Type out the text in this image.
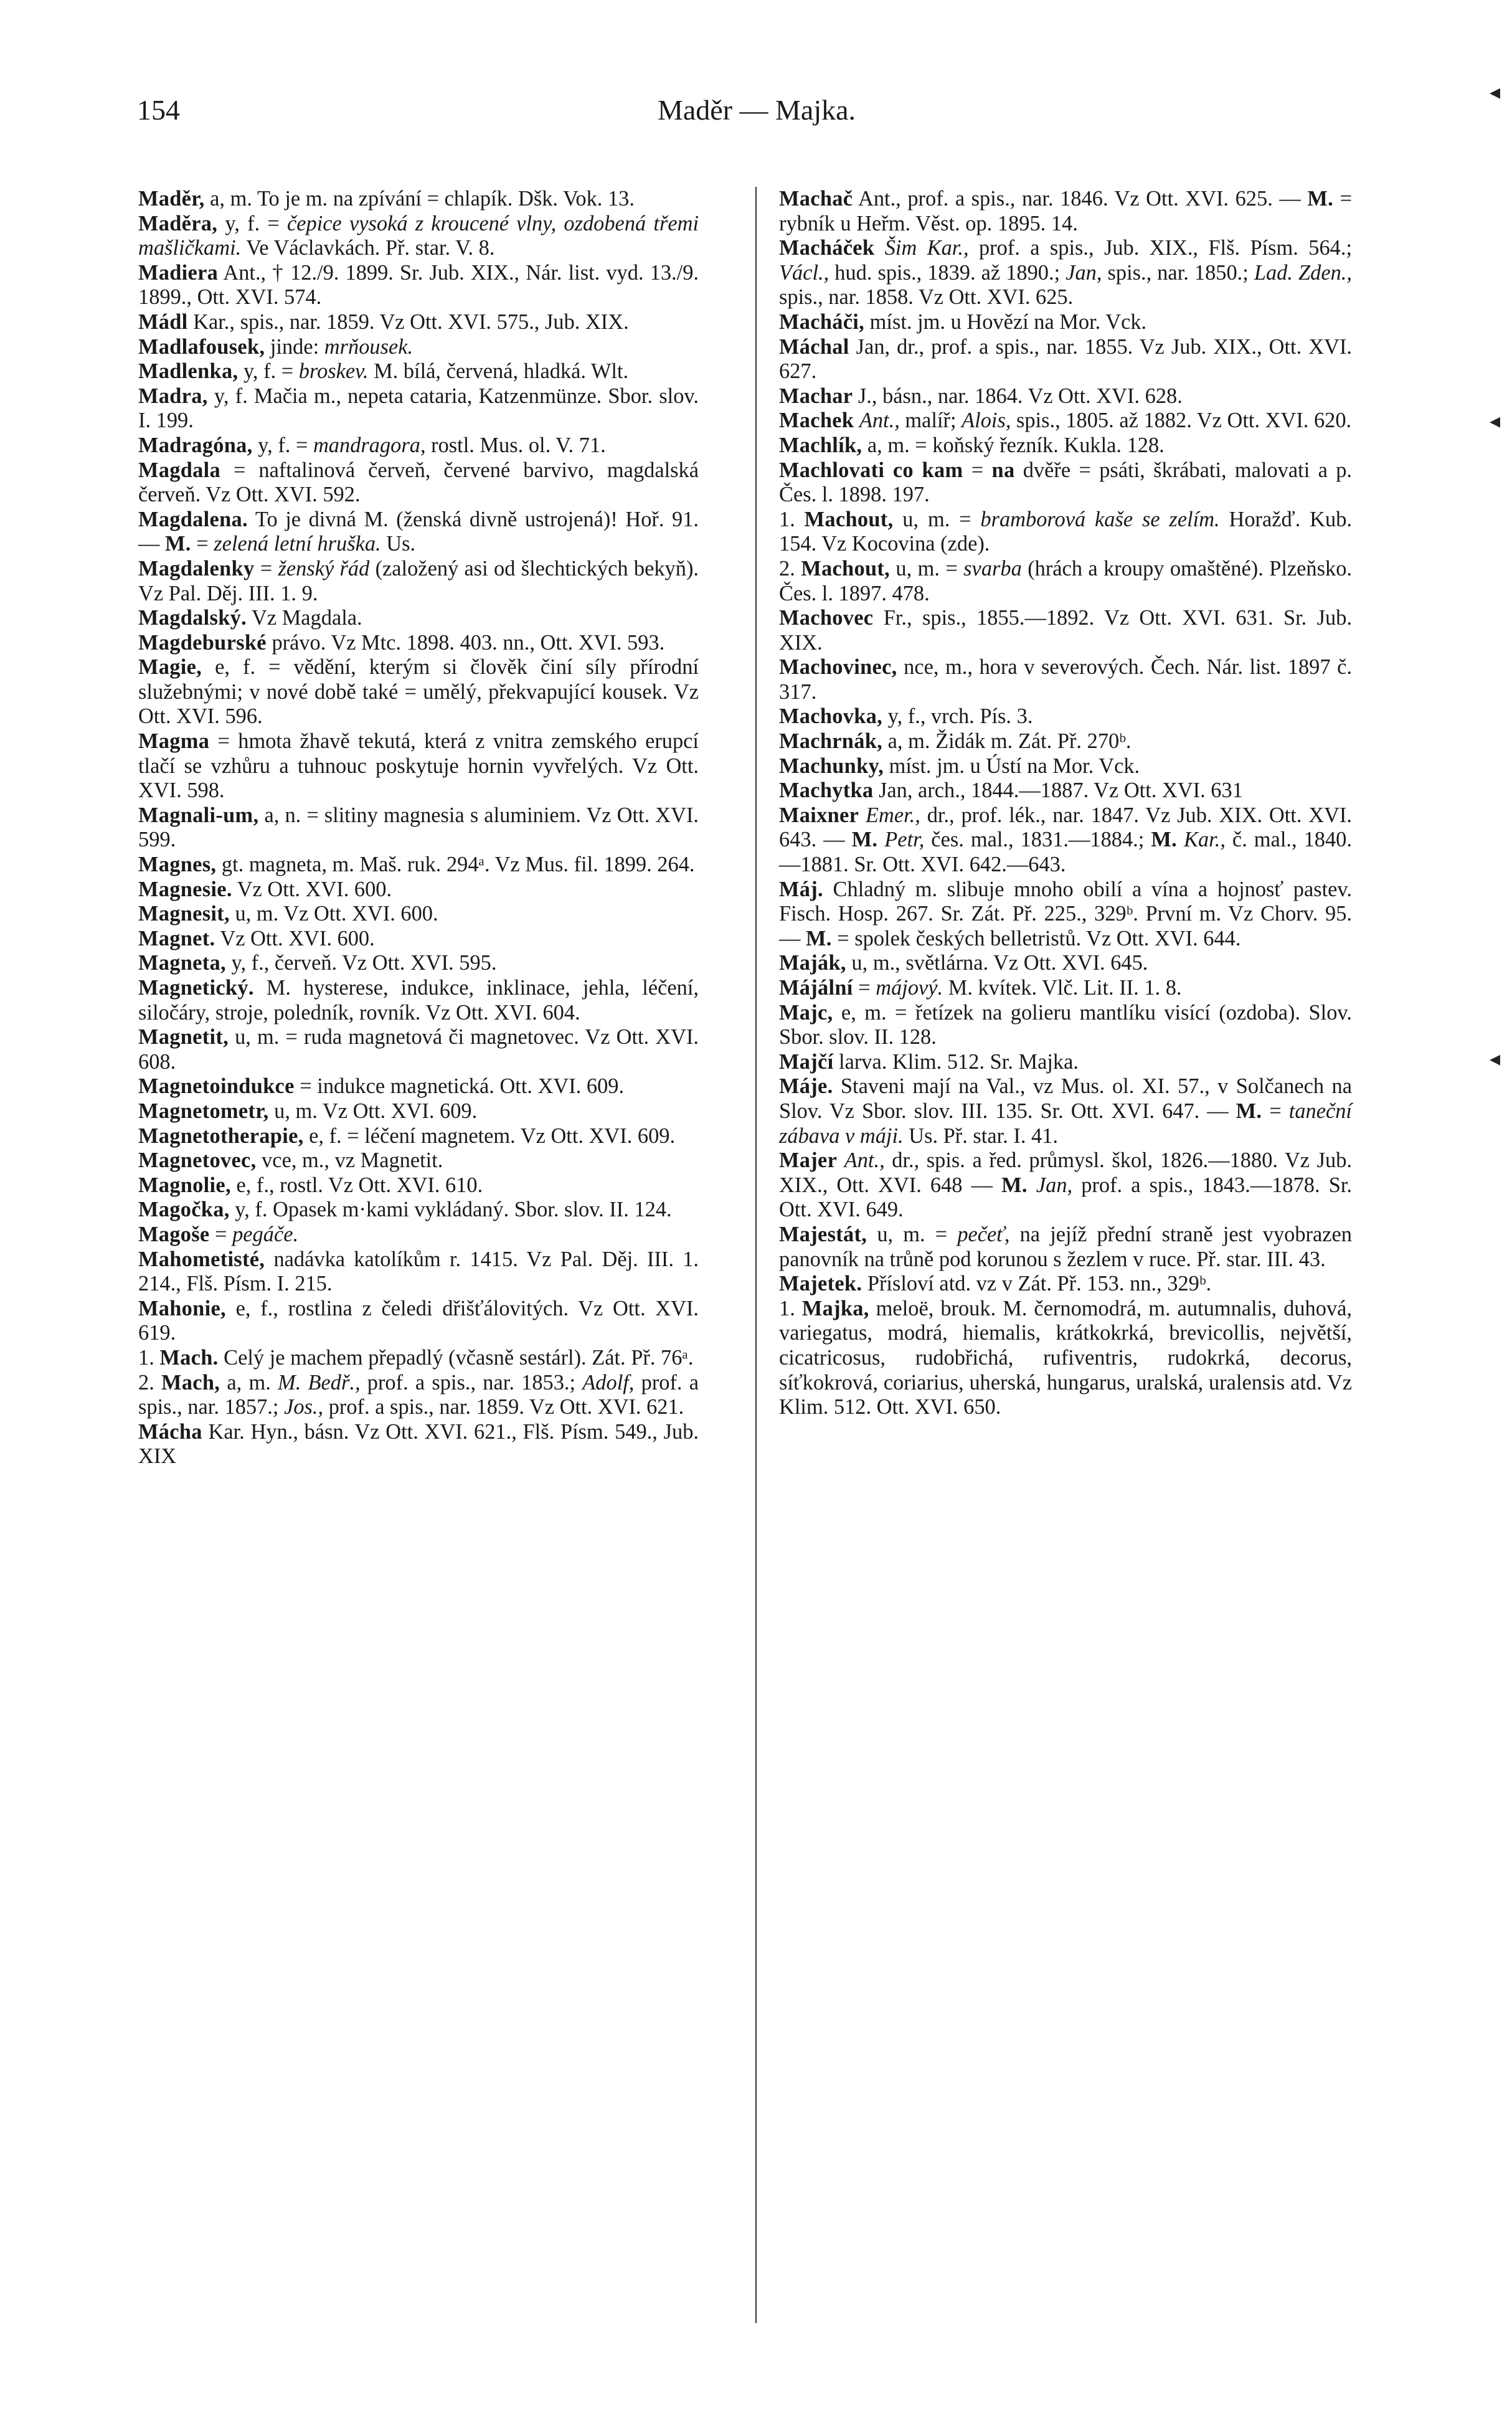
154	Maděr — Majka.

Maděr, a, m. To je m. na zpívání = chlapík. Dšk. Vok. 13.

Maděra, y, f. = čepice vysoká z kroucené vlny, ozdobená třemi mašličkami. Ve Václavkách. Př. star. V. 8.

Madiera Ant., † 12./9. 1899. Sr. Jub. XIX., Nár. list. vyd. 13./9. 1899., Ott. XVI. 574.

Mádl Kar., spis., nar. 1859. Vz Ott. XVI. 575., Jub. XIX.

Madlafousek, jinde: mrňousek.

Madlenka, y, f. = broskev. M. bílá, červená, hladká. Wlt.

Madra, y, f. Mačia m., nepeta cataria, Katzenmünze. Sbor. slov. I. 199.

Madragóna, y, f. = mandragora, rostl. Mus. ol. V. 71.

Magdala = naftalinová červeň, červené barvivo, magdalská červeň. Vz Ott. XVI. 592.

Magdalena. To je divná M. (ženská divně ustrojená)! Hoř. 91. — M. = zelená letní hruška. Us.

Magdalenky = ženský řád (založený asi od šlechtických bekyň). Vz Pal. Děj. III. 1. 9.

Magdalský. Vz Magdala.

Magdeburské právo. Vz Mtc. 1898. 403. nn., Ott. XVI. 593.

Magie, e, f. = vědění, kterým si člověk činí síly přírodní služebnými; v nové době také = umělý, překvapující kousek. Vz Ott. XVI. 596.

Magma = hmota žhavě tekutá, která z vnitra zemského erupcí tlačí se vzhůru a tuhnouc poskytuje hornin vyvřelých. Vz Ott. XVI. 598.

Magnali-um, a, n. = slitiny magnesia s aluminiem. Vz Ott. XVI. 599.

Magnes, gt. magneta, m. Maš. ruk. 294ᵃ. Vz Mus. fil. 1899. 264.

Magnesie. Vz Ott. XVI. 600.

Magnesit, u, m. Vz Ott. XVI. 600.

Magnet. Vz Ott. XVI. 600.

Magneta, y, f., červeň. Vz Ott. XVI. 595.

Magnetický. M. hysterese, indukce, inklinace, jehla, léčení, siločáry, stroje, poledník, rovník. Vz Ott. XVI. 604.

Magnetit, u, m. = ruda magnetová či magnetovec. Vz Ott. XVI. 608.

Magnetoindukce = indukce magnetická. Ott. XVI. 609.

Magnetometr, u, m. Vz Ott. XVI. 609.

Magnetotherapie, e, f. = léčení magnetem. Vz Ott. XVI. 609.

Magnetovec, vce, m., vz Magnetit.

Magnolie, e, f., rostl. Vz Ott. XVI. 610.

Magočka, y, f. Opasek m·kami vykládaný. Sbor. slov. II. 124.

Magoše = pegáče.

Mahometisté, nadávka katolíkům r. 1415. Vz Pal. Děj. III. 1. 214., Flš. Písm. I. 215.

Mahonie, e, f., rostlina z čeledi dřišťálovitých. Vz Ott. XVI. 619.

1. Mach. Celý je machem přepadlý (včasně sestárl). Zát. Př. 76ᵃ.

2. Mach, a, m. M. Bedř., prof. a spis., nar. 1853.; Adolf, prof. a spis., nar. 1857.; Jos., prof. a spis., nar. 1859. Vz Ott. XVI. 621.

Mácha Kar. Hyn., básn. Vz Ott. XVI. 621., Flš. Písm. 549., Jub. XIX

Machač Ant., prof. a spis., nar. 1846. Vz Ott. XVI. 625. — M. = rybník u Heřm. Věst. op. 1895. 14.

Macháček Šim Kar., prof. a spis., Jub. XIX., Flš. Písm. 564.; Václ., hud. spis., 1839. až 1890.; Jan, spis., nar. 1850.; Lad. Zden., spis., nar. 1858. Vz Ott. XVI. 625.

Macháči, míst. jm. u Hovězí na Mor. Vck.

Máchal Jan, dr., prof. a spis., nar. 1855. Vz Jub. XIX., Ott. XVI. 627.

Machar J., básn., nar. 1864. Vz Ott. XVI. 628.

Machek Ant., malíř; Alois, spis., 1805. až 1882. Vz Ott. XVI. 620.

Machlík, a, m. = koňský řezník. Kukla. 128.

Machlovati co kam = na dvěře = psáti, škrábati, malovati a p. Čes. l. 1898. 197.

1. Machout, u, m. = bramborová kaše se zelím. Horažď. Kub. 154. Vz Kocovina (zde).

2. Machout, u, m. = svarba (hrách a kroupy omaštěné). Plzeňsko. Čes. l. 1897. 478.

Machovec Fr., spis., 1855.—1892. Vz Ott. XVI. 631. Sr. Jub. XIX.

Machovinec, nce, m., hora v severových. Čech. Nár. list. 1897 č. 317.

Machovka, y, f., vrch. Pís. 3.

Machrnák, a, m. Židák m. Zát. Př. 270ᵇ.

Machunky, míst. jm. u Ústí na Mor. Vck.

Machytka Jan, arch., 1844.—1887. Vz Ott. XVI. 631

Maixner Emer., dr., prof. lék., nar. 1847. Vz Jub. XIX. Ott. XVI. 643. — M. Petr, čes. mal., 1831.—1884.; M. Kar., č. mal., 1840.—1881. Sr. Ott. XVI. 642.—643.

Máj. Chladný m. slibuje mnoho obilí a vína a hojnosť pastev. Fisch. Hosp. 267. Sr. Zát. Př. 225., 329ᵇ. První m. Vz Chorv. 95. — M. = spolek českých belletristů. Vz Ott. XVI. 644.

Maják, u, m., světlárna. Vz Ott. XVI. 645.

Májální = májový. M. kvítek. Vlč. Lit. II. 1. 8.

Majc, e, m. = řetízek na golieru mantlíku visící (ozdoba). Slov. Sbor. slov. II. 128.

Majčí larva. Klim. 512. Sr. Majka.

Máje. Staveni mají na Val., vz Mus. ol. XI. 57., v Solčanech na Slov. Vz Sbor. slov. III. 135. Sr. Ott. XVI. 647. — M. = taneční zábava v máji. Us. Př. star. I. 41.

Majer Ant., dr., spis. a řed. průmysl. škol, 1826.—1880. Vz Jub. XIX., Ott. XVI. 648 — M. Jan, prof. a spis., 1843.—1878. Sr. Ott. XVI. 649.

Majestát, u, m. = pečeť, na jejíž přední straně jest vyobrazen panovník na trůně pod korunou s žezlem v ruce. Př. star. III. 43.

Majetek. Přísloví atd. vz v Zát. Př. 153. nn., 329ᵇ.

1. Majka, meloë, brouk. M. černomodrá, m. autumnalis, duhová, variegatus, modrá, hiemalis, krátkokrká, brevicollis, největší, cicatricosus, rudobřichá, rufiventris, rudokrká, decorus, síťkokrová, coriarius, uherská, hungarus, uralská, uralensis atd. Vz Klim. 512. Ott. XVI. 650.

◂
◂
◂
